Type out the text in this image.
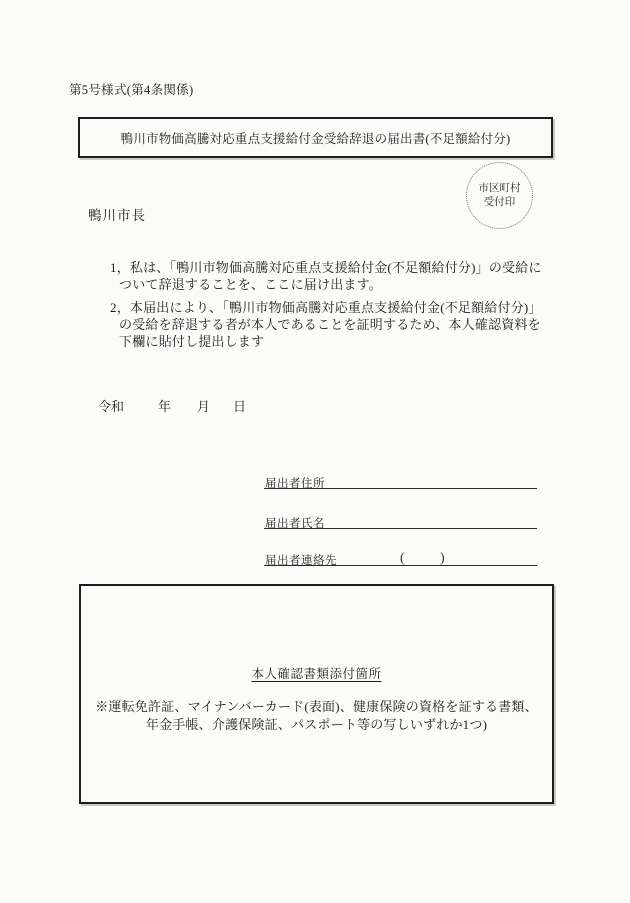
第5号様式(第4条関係)
鴨川市物価高騰対応重点支援給付金受給辞退の届出書(不足額給付分)
市区町村
受付印
鴨川市長
1，私は、「鴨川市物価高騰対応重点支援給付金(不足額給付分)」の受給に
ついて辞退することを、ここに届け出ます。
2，本届出により、「鴨川市物価高騰対応重点支援給付金(不足額給付分)」
の受給を辞退する者が本人であることを証明するため、本人確認資料を
下欄に貼付し提出します
令和	年 月 日
届出者住所
届出者氏名
届出者連絡先	(	)
本人確認書類添付箇所
※運転免許証、マイナンバーカード(表面)、健康保険の資格を証する書類、
年金手帳、介護保険証、パスポート等の写しいずれか1つ)
